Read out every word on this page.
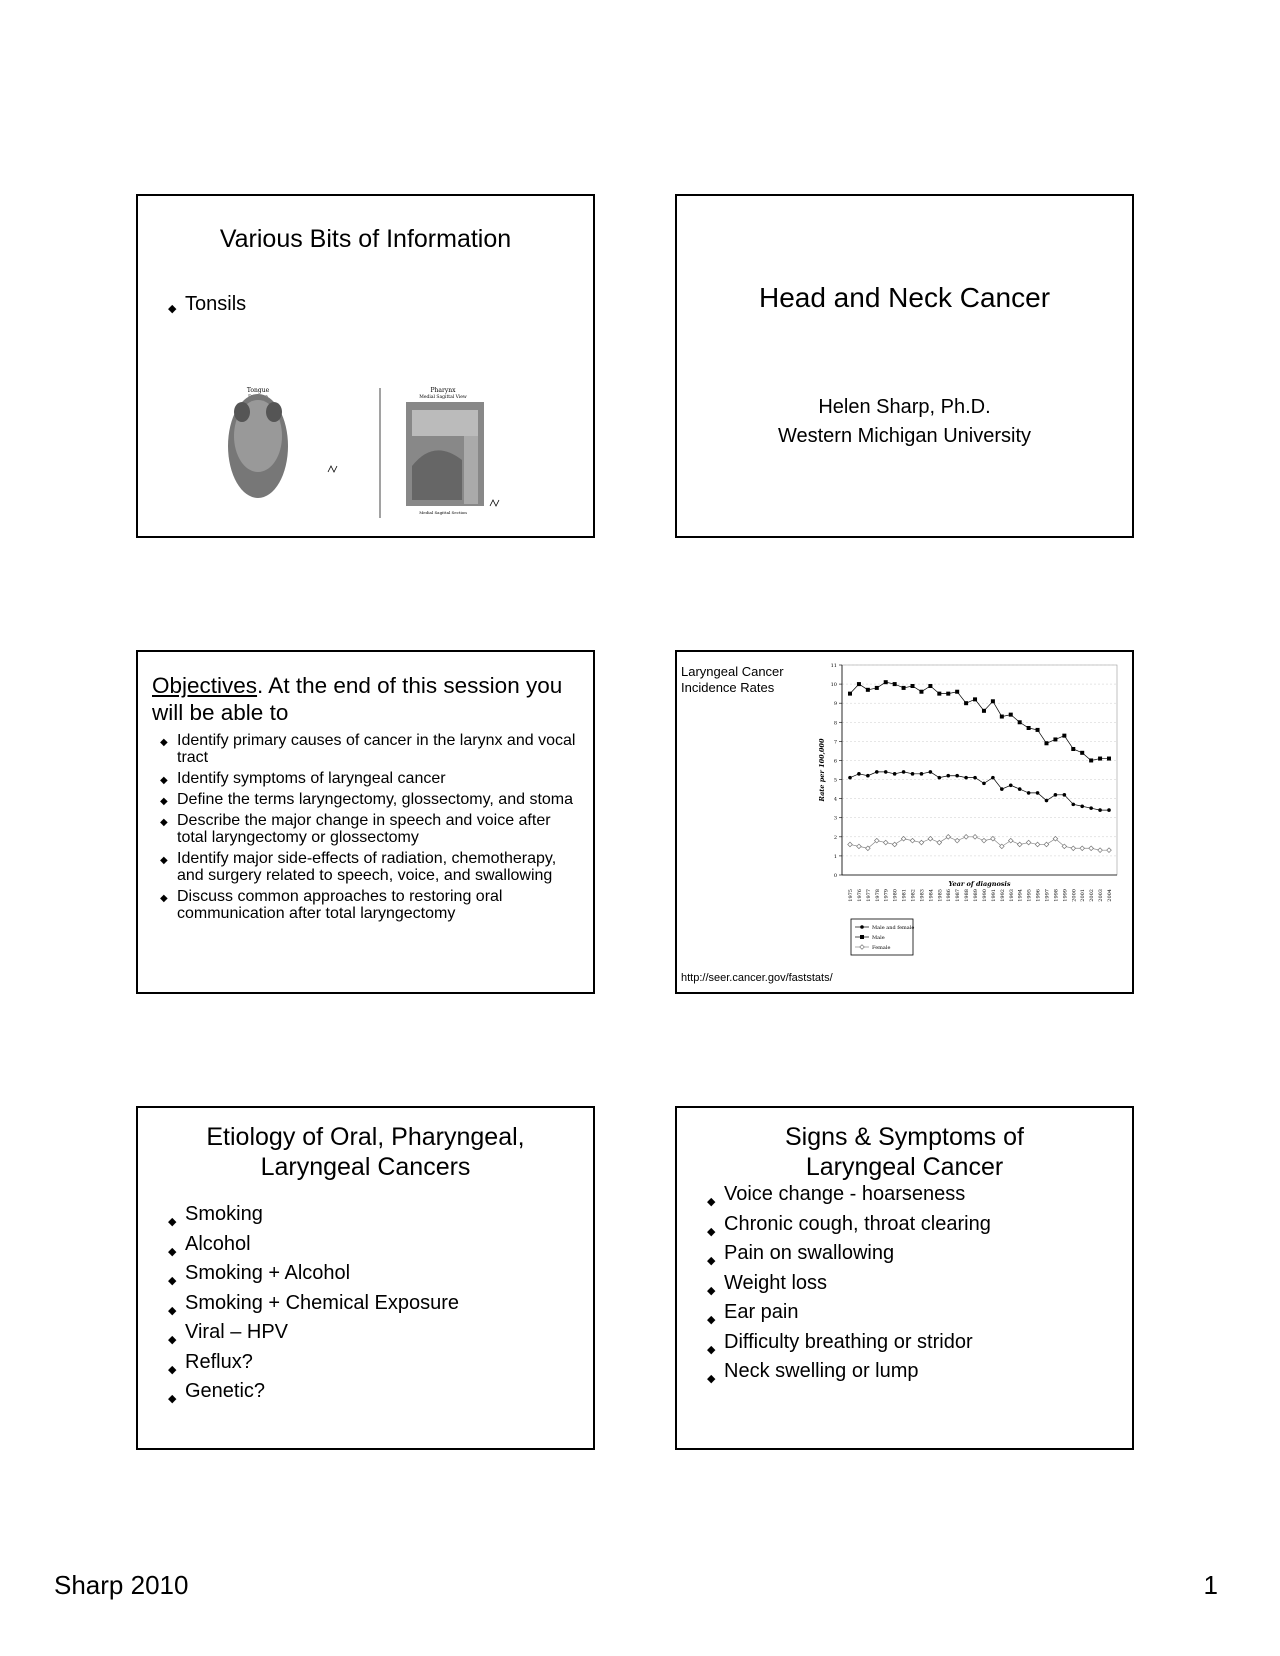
Various Bits of Information
◆ Tonsils
Tongue	Pharynx
Medial Sagittal View
Medial Sagittal Section
Head and Neck Cancer
Helen Sharp, Ph.D.
Western Michigan University
Objectives. At the end of this session you will be able to
◆ Identify primary causes of cancer in the larynx and vocal tract
◆ Identify symptoms of laryngeal cancer
◆ Define the terms laryngectomy, glossectomy, and stoma
◆ Describe the major change in speech and voice after total laryngectomy or glossectomy
◆ Identify major side-effects of radiation, chemotherapy, and surgery related to speech, voice, and swallowing
◆ Discuss common approaches to restoring oral communication after total laryngectomy
Laryngeal Cancer
Incidence Rates
0
1
2
3
4
5
6
7
8
9
10
11
1975 1976 1977 1978 1979 1980 1981 1982 1983 1984 1985 1986 1987 1988 1989 1990 1991 1992 1993 1994 1995 1996 1997 1998 1999 2000 2001 2002 2003 2004
Year of diagnosis
Rate per 100,000
Male and female
Male
Female
http://seer.cancer.gov/faststats/
Etiology of Oral, Pharyngeal,
Laryngeal Cancers
◆ Smoking
◆ Alcohol
◆ Smoking + Alcohol
◆ Smoking + Chemical Exposure
◆ Viral – HPV
◆ Reflux?
◆ Genetic?
Signs & Symptoms of
Laryngeal Cancer
◆ Voice change - hoarseness
◆ Chronic cough, throat clearing
◆ Pain on swallowing
◆ Weight loss
◆ Ear pain
◆ Difficulty breathing or stridor
◆ Neck swelling or lump
Sharp 2010	1
